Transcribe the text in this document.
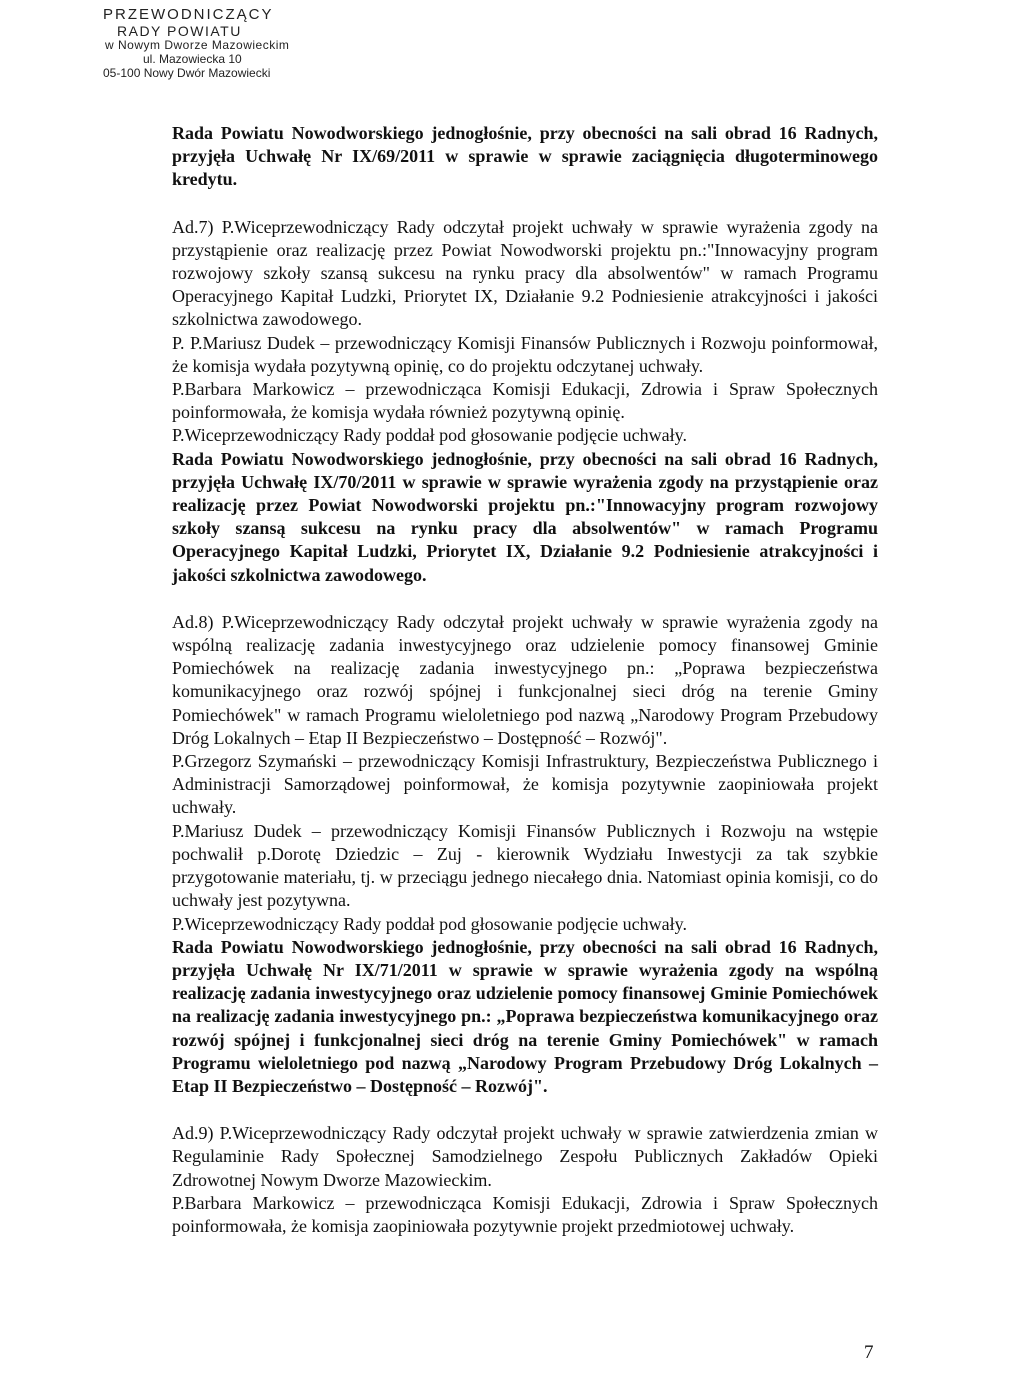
PRZEWODNICZĄCY
RADY POWIATU
w Nowym Dworze Mazowieckim
ul. Mazowiecka 10
05-100 Nowy Dwór Mazowiecki

Rada Powiatu Nowodworskiego jednogłośnie, przy obecności na sali obrad 16 Radnych, przyjęła Uchwałę Nr IX/69/2011 w sprawie w sprawie zaciągnięcia długoterminowego kredytu.

Ad.7) P.Wiceprzewodniczący Rady odczytał projekt uchwały w sprawie wyrażenia zgody na przystąpienie oraz realizację przez Powiat Nowodworski projektu pn.:"Innowacyjny program rozwojowy szkoły szansą sukcesu na rynku pracy dla absolwentów" w ramach Programu Operacyjnego Kapitał Ludzki, Priorytet IX, Działanie 9.2 Podniesienie atrakcyjności i jakości szkolnictwa zawodowego.

P. P.Mariusz Dudek – przewodniczący Komisji Finansów Publicznych i Rozwoju poinformował, że komisja wydała pozytywną opinię, co do projektu odczytanej uchwały.

P.Barbara Markowicz – przewodnicząca Komisji Edukacji, Zdrowia i Spraw Społecznych poinformowała, że komisja wydała również pozytywną opinię.

P.Wiceprzewodniczący Rady poddał pod głosowanie podjęcie uchwały.

Rada Powiatu Nowodworskiego jednogłośnie, przy obecności na sali obrad 16 Radnych, przyjęła Uchwałę IX/70/2011 w sprawie w sprawie wyrażenia zgody na przystąpienie oraz realizację przez Powiat Nowodworski projektu pn.:"Innowacyjny program rozwojowy szkoły szansą sukcesu na rynku pracy dla absolwentów" w ramach Programu Operacyjnego Kapitał Ludzki, Priorytet IX, Działanie 9.2 Podniesienie atrakcyjności i jakości szkolnictwa zawodowego.

Ad.8) P.Wiceprzewodniczący Rady odczytał projekt uchwały w sprawie wyrażenia zgody na wspólną realizację zadania inwestycyjnego oraz udzielenie pomocy finansowej Gminie Pomiechówek na realizację zadania inwestycyjnego pn.: „Poprawa bezpieczeństwa komunikacyjnego oraz rozwój spójnej i funkcjonalnej sieci dróg na terenie Gminy Pomiechówek" w ramach Programu wieloletniego pod nazwą „Narodowy Program Przebudowy Dróg Lokalnych – Etap II Bezpieczeństwo – Dostępność – Rozwój".

P.Grzegorz Szymański – przewodniczący Komisji Infrastruktury, Bezpieczeństwa Publicznego i Administracji Samorządowej poinformował, że komisja pozytywnie zaopiniowała projekt uchwały.

P.Mariusz Dudek – przewodniczący Komisji Finansów Publicznych i Rozwoju na wstępie pochwalił p.Dorotę Dziedzic – Zuj - kierownik Wydziału Inwestycji za tak szybkie przygotowanie materiału, tj. w przeciągu jednego niecałego dnia. Natomiast opinia komisji, co do uchwały jest pozytywna.

P.Wiceprzewodniczący Rady poddał pod głosowanie podjęcie uchwały.

Rada Powiatu Nowodworskiego jednogłośnie, przy obecności na sali obrad 16 Radnych, przyjęła Uchwałę Nr IX/71/2011 w sprawie w sprawie wyrażenia zgody na wspólną realizację zadania inwestycyjnego oraz udzielenie pomocy finansowej Gminie Pomiechówek na realizację zadania inwestycyjnego pn.: „Poprawa bezpieczeństwa komunikacyjnego oraz rozwój spójnej i funkcjonalnej sieci dróg na terenie Gminy Pomiechówek" w ramach Programu wieloletniego pod nazwą „Narodowy Program Przebudowy Dróg Lokalnych – Etap II Bezpieczeństwo – Dostępność – Rozwój".

Ad.9) P.Wiceprzewodniczący Rady odczytał projekt uchwały w sprawie zatwierdzenia zmian w Regulaminie Rady Społecznej Samodzielnego Zespołu Publicznych Zakładów Opieki Zdrowotnej Nowym Dworze Mazowieckim.

P.Barbara Markowicz – przewodnicząca Komisji Edukacji, Zdrowia i Spraw Społecznych poinformowała, że komisja zaopiniowała pozytywnie projekt przedmiotowej uchwały.

7
